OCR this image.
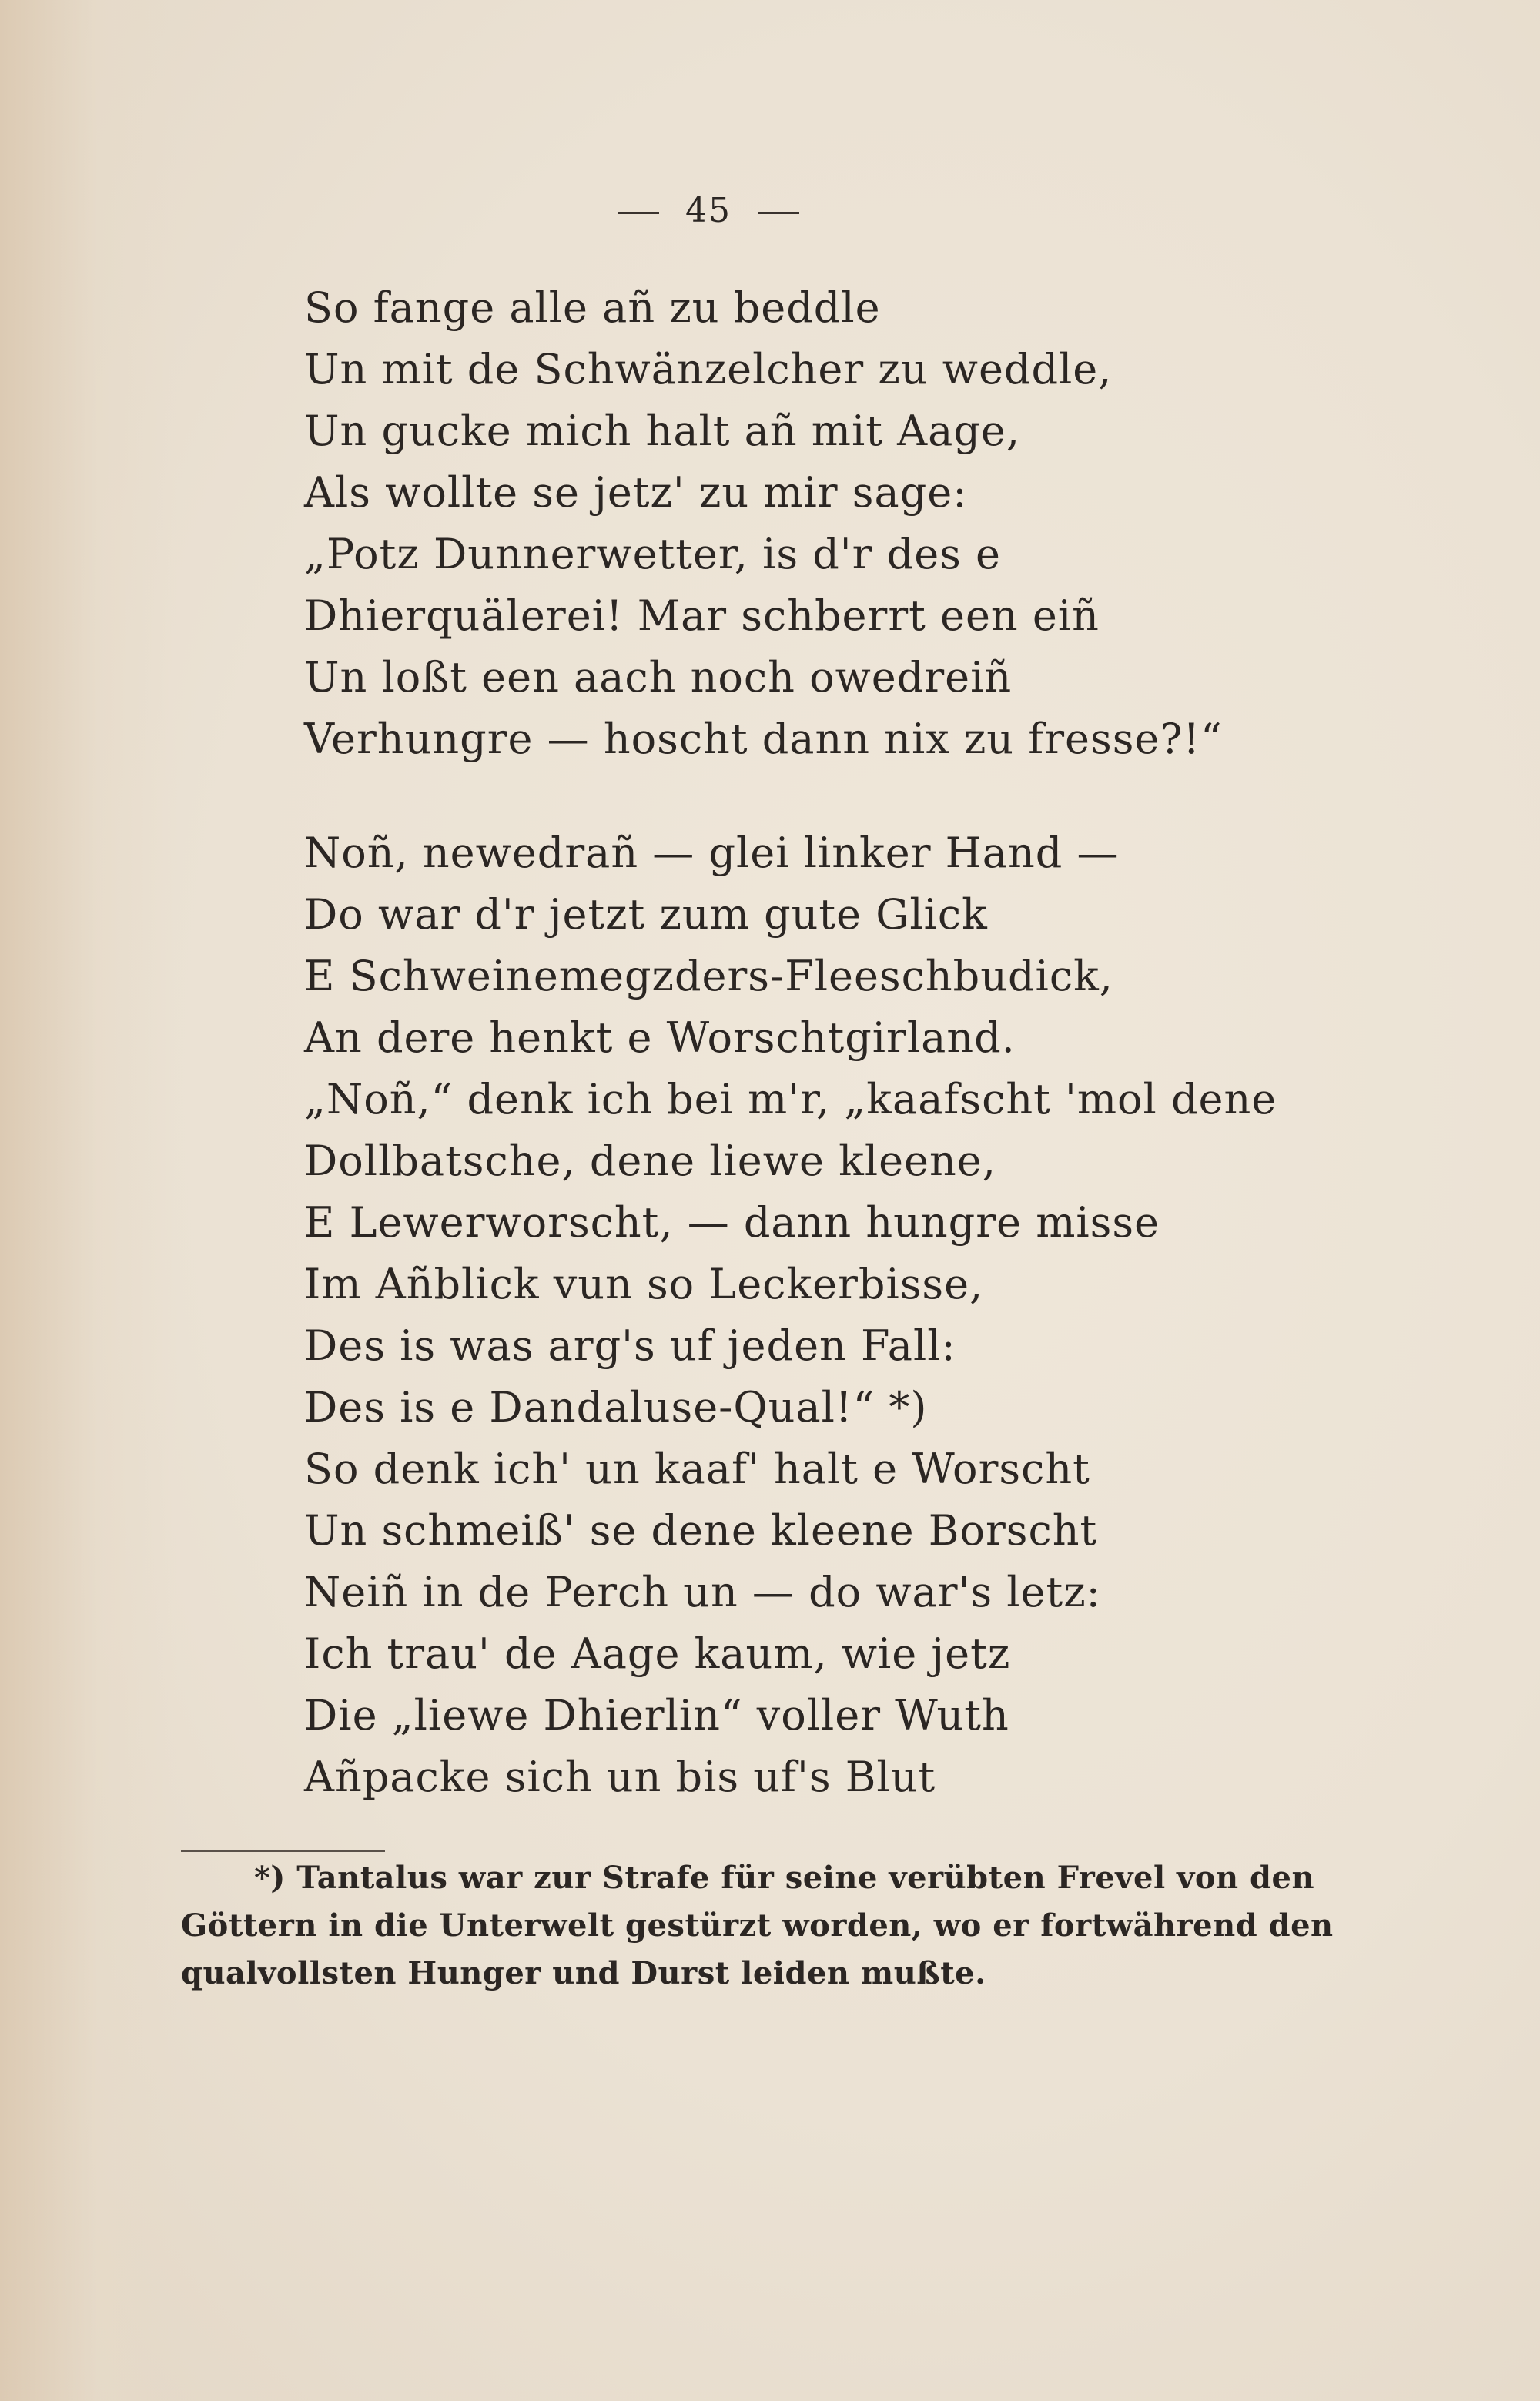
45
So fange alle añ zu beddle
Un mit de Schwänzelcher zu weddle,
Un gucke mich halt añ mit Aage,
Als wollte se jetz' zu mir sage:
„Potz Dunnerwetter, is d'r des e
Dhierquälerei! Mar schberrt een eiñ
Un loßt een aach noch owedreiñ
Verhungre — hoscht dann nix zu fresse?!“
Noñ, newedrañ — glei linker Hand —
Do war d'r jetzt zum gute Glick
E Schweinemegzders-Fleeschbudick,
An dere henkt e Worschtgirland.
„Noñ,“ denk ich bei m'r, „kaafscht 'mol dene
Dollbatsche, dene liewe kleene,
E Lewerworscht, — dann hungre misse
Im Añblick vun so Leckerbisse,
Des is was arg's uf jeden Fall:
Des is e Dandaluse-Qual!“ *)
So denk ich' un kaaf' halt e Worscht
Un schmeiß' se dene kleene Borscht
Neiñ in de Perch un — do war's letz:
Ich trau' de Aage kaum, wie jetz
Die „liewe Dhierlin“ voller Wuth
Añpacke sich un bis uf's Blut
*) Tantalus war zur Strafe für seine verübten Frevel von den
Göttern in die Unterwelt gestürzt worden, wo er fortwährend den
qualvollsten Hunger und Durst leiden mußte.
